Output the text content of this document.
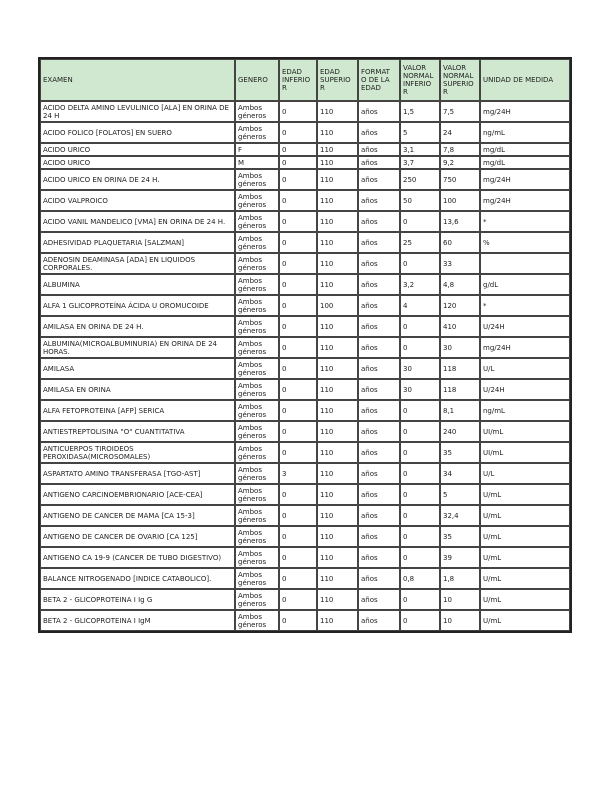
EXAMEN	GENERO	EDAD INFERIO R	EDAD SUPERIO R	FORMAT O DE LA EDAD	VALOR NORMAL INFERIO R	VALOR NORMAL SUPERIO R	UNIDAD DE MEDIDA
ACIDO DELTA AMINO LEVULINICO [ALA] EN ORINA DE 24 H	Ambos géneros	0	110	años	1,5	7,5	mg/24H
ACIDO FOLICO [FOLATOS] EN SUERO	Ambos géneros	0	110	años	5	24	ng/mL
ACIDO URICO	F	0	110	años	3,1	7,8	mg/dL
ACIDO URICO	M	0	110	años	3,7	9,2	mg/dL
ACIDO URICO EN ORINA DE 24 H.	Ambos géneros	0	110	años	250	750	mg/24H
ACIDO VALPROICO	Ambos géneros	0	110	años	50	100	mg/24H
ACIDO VANIL MANDELICO [VMA] EN ORINA DE 24 H.	Ambos géneros	0	110	años	0	13,6	*
ADHESIVIDAD PLAQUETARIA [SALZMAN]	Ambos géneros	0	110	años	25	60	%
ADENOSIN DEAMINASA [ADA] EN LIQUIDOS CORPORALES.	Ambos géneros	0	110	años	0	33	
ALBUMINA	Ambos géneros	0	110	años	3,2	4,8	g/dL
ALFA 1 GLICOPROTEÍNA ÁCIDA U OROMUCOIDE	Ambos géneros	0	100	años	4	120	*
AMILASA EN ORINA DE 24 H.	Ambos géneros	0	110	años	0	410	U/24H
ALBUMINA(MICROALBUMINURIA) EN ORINA DE 24 HORAS.	Ambos géneros	0	110	años	0	30	mg/24H
AMILASA	Ambos géneros	0	110	años	30	118	U/L
AMILASA EN ORINA	Ambos géneros	0	110	años	30	118	U/24H
ALFA FETOPROTEINA [AFP] SERICA	Ambos géneros	0	110	años	0	8,1	ng/mL
ANTIESTREPTOLISINA "O" CUANTITATIVA	Ambos géneros	0	110	años	0	240	UI/mL
ANTICUERPOS TIROIDEOS PEROXIDASA(MICROSOMALES)	Ambos géneros	0	110	años	0	35	UI/mL
ASPARTATO AMINO TRANSFERASA [TGO-AST]	Ambos géneros	3	110	años	0	34	U/L
ANTIGENO CARCINOEMBRIONARIO [ACE-CEA]	Ambos géneros	0	110	años	0	5	U/mL
ANTIGENO DE CANCER DE MAMA [CA 15-3]	Ambos géneros	0	110	años	0	32,4	U/mL
ANTIGENO DE CANCER DE OVARIO [CA 125]	Ambos géneros	0	110	años	0	35	U/mL
ANTIGENO CA 19-9 (CANCER DE TUBO DIGESTIVO)	Ambos géneros	0	110	años	0	39	U/mL
BALANCE NITROGENADO [INDICE CATABOLICO].	Ambos géneros	0	110	años	0,8	1,8	U/mL
BETA 2 - GLICOPROTEINA I Ig G	Ambos géneros	0	110	años	0	10	U/mL
BETA 2 - GLICOPROTEINA I IgM	Ambos géneros	0	110	años	0	10	U/mL
